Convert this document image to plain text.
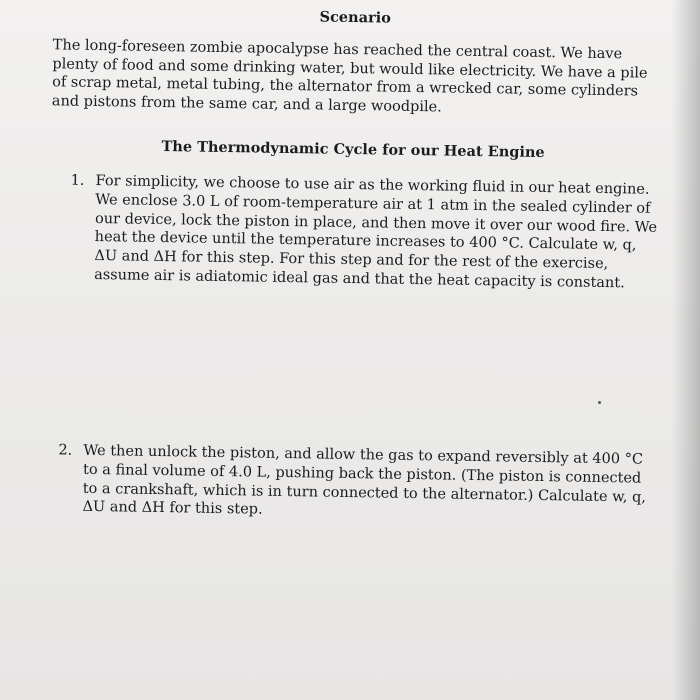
Scenario
The long-foreseen zombie apocalypse has reached the central coast. We have plenty of food and some drinking water, but would like electricity. We have a pile of scrap metal, metal tubing, the alternator from a wrecked car, some cylinders and pistons from the same car, and a large woodpile.
The Thermodynamic Cycle for our Heat Engine
1. For simplicity, we choose to use air as the working fluid in our heat engine. We enclose 3.0 L of room-temperature air at 1 atm in the sealed cylinder of our device, lock the piston in place, and then move it over our wood fire. We heat the device until the temperature increases to 400 °C. Calculate w, q, ΔU and ΔH for this step. For this step and for the rest of the exercise, assume air is adiatomic ideal gas and that the heat capacity is constant.
2. We then unlock the piston, and allow the gas to expand reversibly at 400 °C to a final volume of 4.0 L, pushing back the piston. (The piston is connected to a crankshaft, which is in turn connected to the alternator.) Calculate w, q, ΔU and ΔH for this step.
